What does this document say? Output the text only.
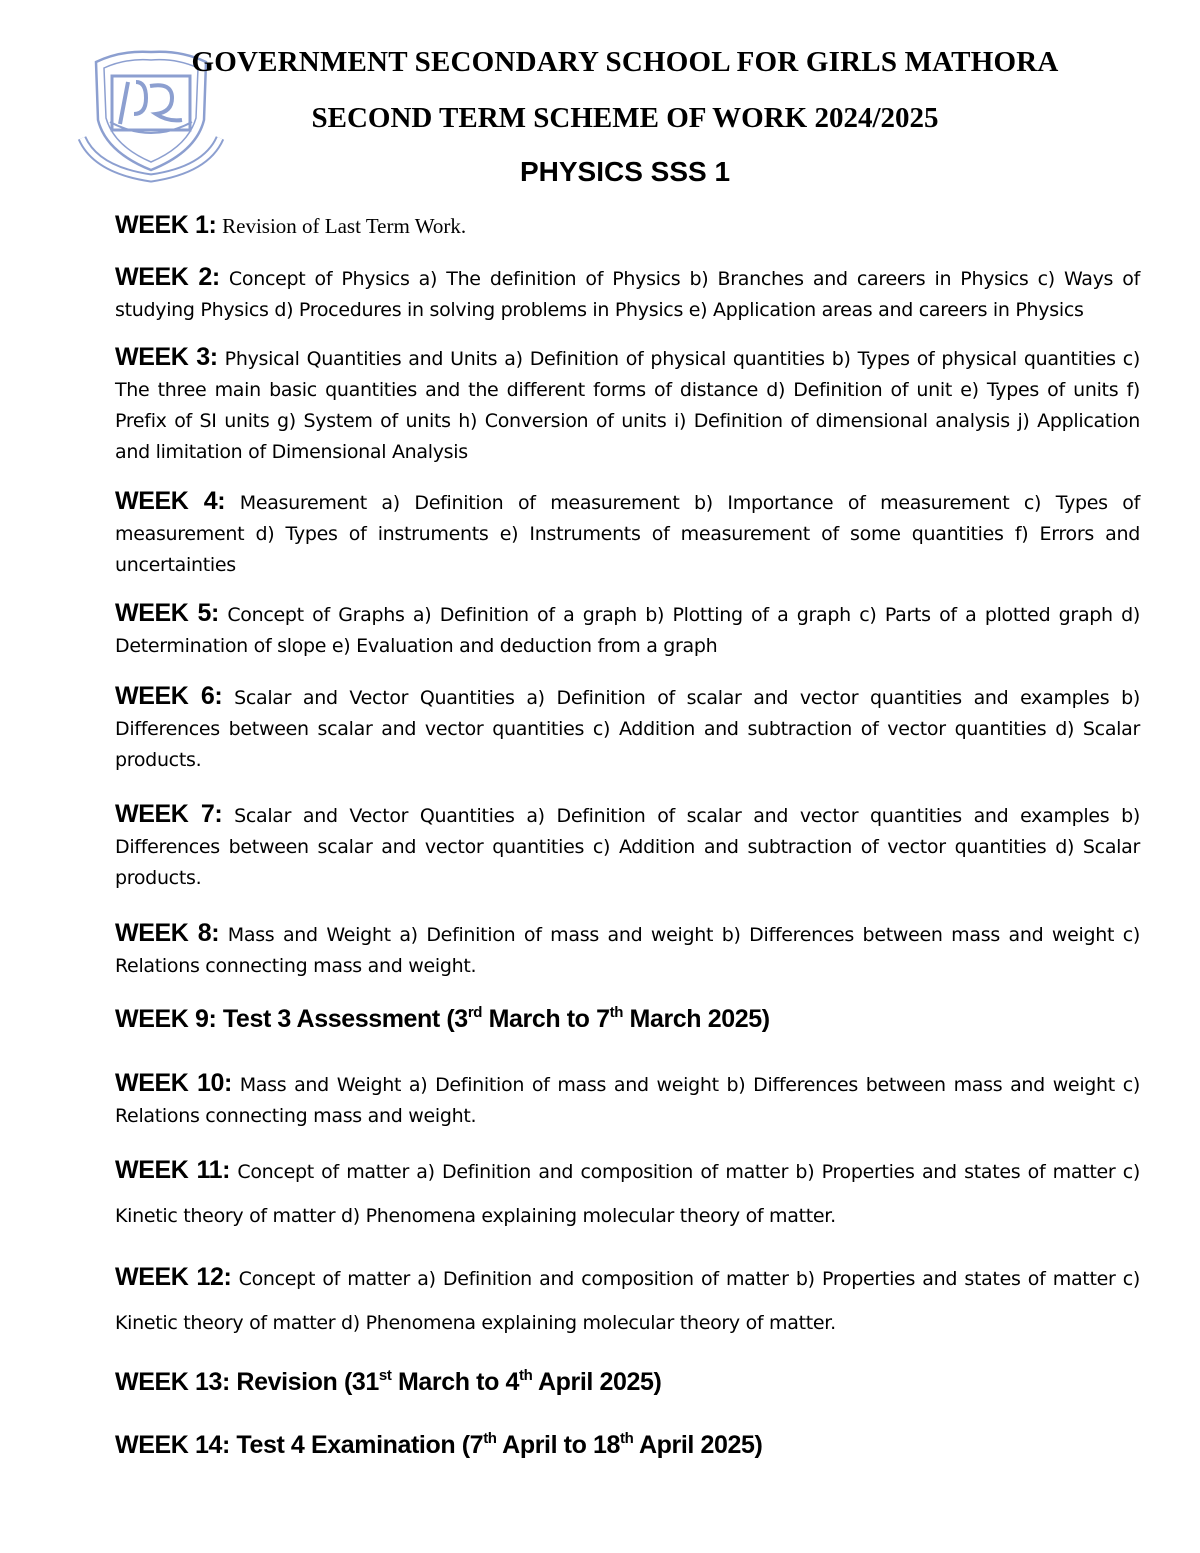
GOVERNMENT SECONDARY SCHOOL FOR GIRLS MATHORA
SECOND TERM SCHEME OF WORK 2024/2025
PHYSICS SSS 1
WEEK 1: Revision of Last Term Work.
WEEK 2: Concept of Physics a) The definition of Physics b) Branches and careers in Physics c) Ways of studying Physics d) Procedures in solving problems in Physics e) Application areas and careers in Physics
WEEK 3: Physical Quantities and Units a) Definition of physical quantities b) Types of physical quantities c) The three main basic quantities and the different forms of distance d) Definition of unit e) Types of units f) Prefix of SI units g) System of units h) Conversion of units i) Definition of dimensional analysis j) Application and limitation of Dimensional Analysis
WEEK 4: Measurement a) Definition of measurement b) Importance of measurement c) Types of measurement d) Types of instruments e) Instruments of measurement of some quantities f) Errors and uncertainties
WEEK 5: Concept of Graphs a) Definition of a graph b) Plotting of a graph c) Parts of a plotted graph d) Determination of slope e) Evaluation and deduction from a graph
WEEK 6: Scalar and Vector Quantities a) Definition of scalar and vector quantities and examples b) Differences between scalar and vector quantities c) Addition and subtraction of vector quantities d) Scalar products.
WEEK 7: Scalar and Vector Quantities a) Definition of scalar and vector quantities and examples b) Differences between scalar and vector quantities c) Addition and subtraction of vector quantities d) Scalar products.
WEEK 8: Mass and Weight a) Definition of mass and weight b) Differences between mass and weight c) Relations connecting mass and weight.
WEEK 9: Test 3 Assessment (3rd March to 7th March 2025)
WEEK 10: Mass and Weight a) Definition of mass and weight b) Differences between mass and weight c) Relations connecting mass and weight.
WEEK 11: Concept of matter a) Definition and composition of matter b) Properties and states of matter c) Kinetic theory of matter d) Phenomena explaining molecular theory of matter.
WEEK 12: Concept of matter a) Definition and composition of matter b) Properties and states of matter c) Kinetic theory of matter d) Phenomena explaining molecular theory of matter.
WEEK 13: Revision (31st March to 4th April 2025)
WEEK 14: Test 4 Examination (7th April to 18th April 2025)
